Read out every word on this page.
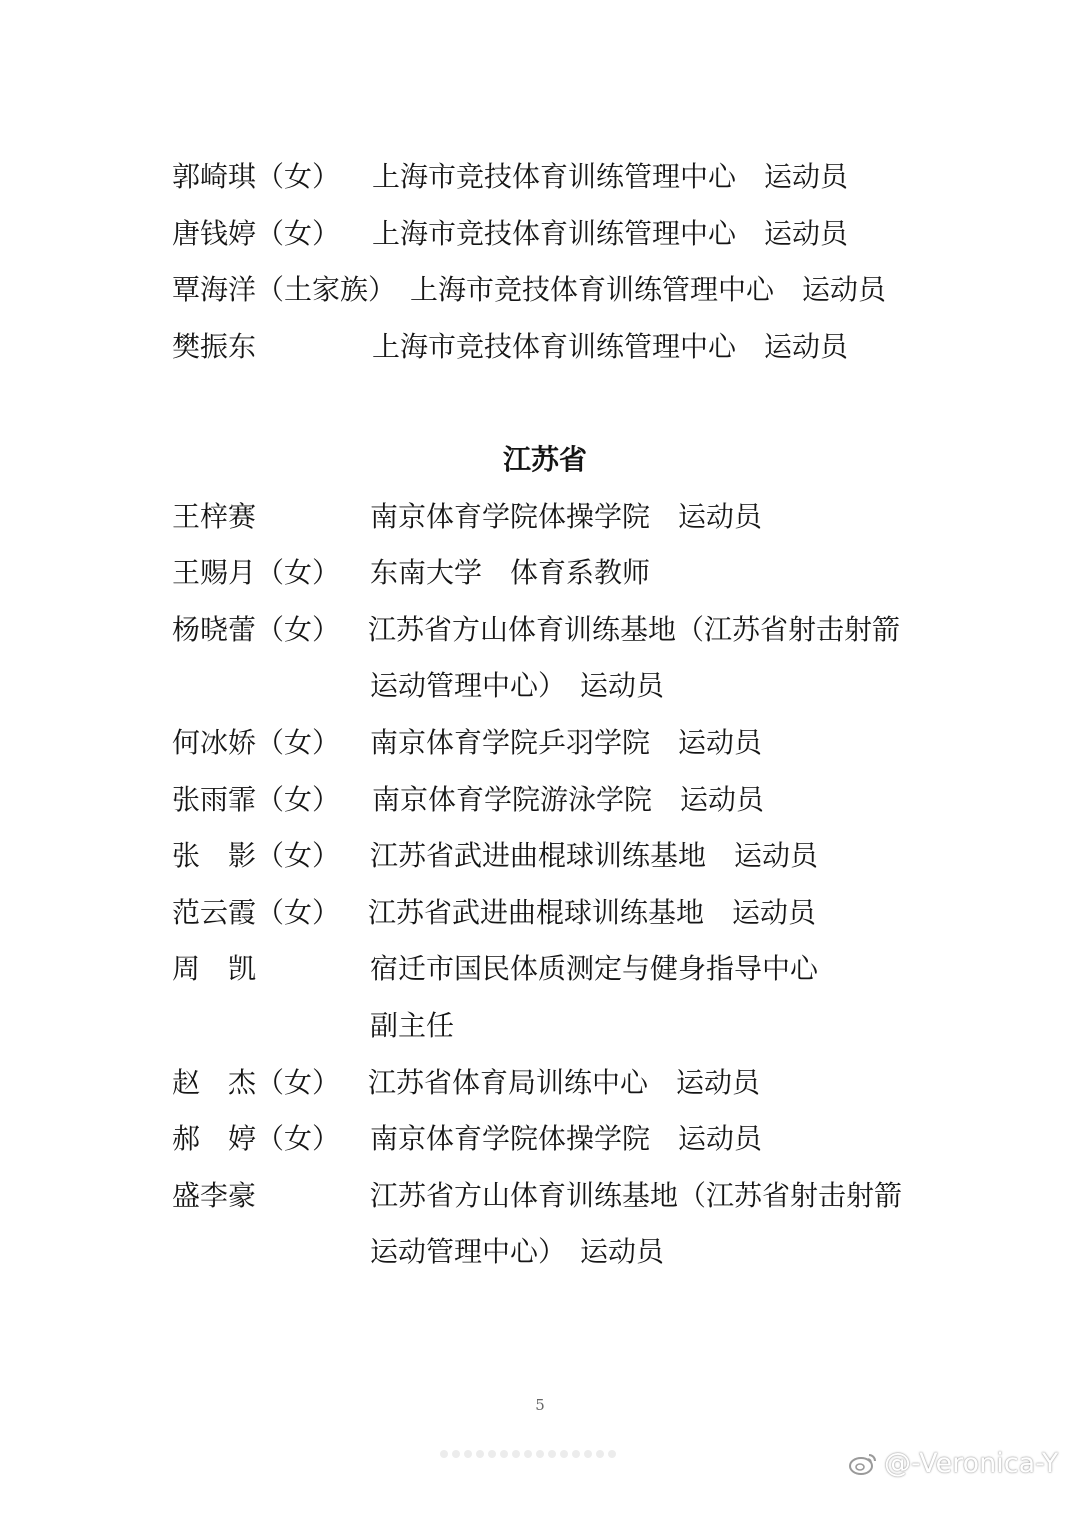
郭崎琪（女） 上海市竞技体育训练管理中心　运动员
唐钱婷（女） 上海市竞技体育训练管理中心　运动员
覃海洋（土家族） 上海市竞技体育训练管理中心　运动员
樊振东	上海市竞技体育训练管理中心　运动员
江苏省
王梓赛	南京体育学院体操学院　运动员
王赐月（女） 东南大学　体育系教师
杨晓蕾（女） 江苏省方山体育训练基地（江苏省射击射箭
运动管理中心）　运动员
何冰娇（女） 南京体育学院乒羽学院　运动员
张雨霏（女） 南京体育学院游泳学院　运动员
张　影（女） 江苏省武进曲棍球训练基地　运动员
范云霞（女） 江苏省武进曲棍球训练基地　运动员
周　凯	宿迁市国民体质测定与健身指导中心
副主任
赵　杰（女） 江苏省体育局训练中心　运动员
郝　婷（女） 南京体育学院体操学院　运动员
盛李豪	江苏省方山体育训练基地（江苏省射击射箭
运动管理中心）　运动员
5
@-Veronica-Y
